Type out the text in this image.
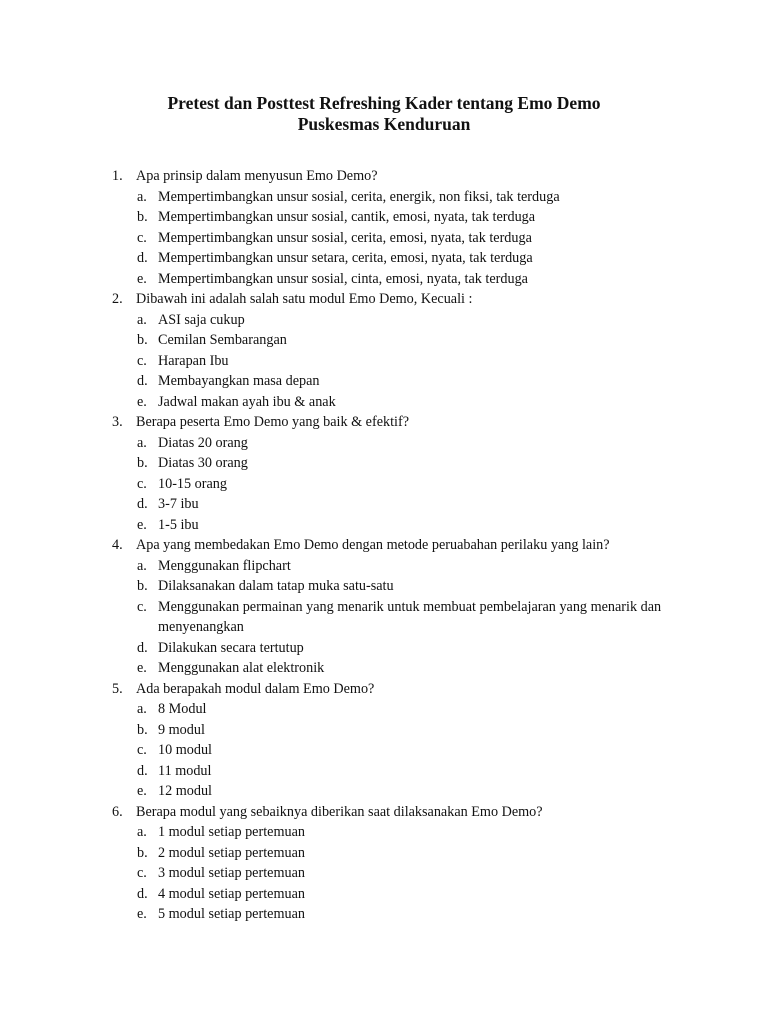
Pretest dan Posttest Refreshing Kader tentang Emo Demo
Puskesmas Kenduruan
1. Apa prinsip dalam menyusun Emo Demo?
a. Mempertimbangkan unsur sosial, cerita, energik, non fiksi, tak terduga
b. Mempertimbangkan unsur sosial, cantik, emosi, nyata, tak terduga
c. Mempertimbangkan unsur sosial, cerita, emosi, nyata, tak terduga
d. Mempertimbangkan unsur setara, cerita, emosi, nyata, tak terduga
e. Mempertimbangkan unsur sosial, cinta, emosi, nyata, tak terduga
2. Dibawah ini adalah salah satu modul Emo Demo, Kecuali :
a. ASI saja cukup
b. Cemilan Sembarangan
c. Harapan Ibu
d. Membayangkan masa depan
e. Jadwal makan ayah ibu & anak
3. Berapa peserta Emo Demo yang baik & efektif?
a. Diatas 20 orang
b. Diatas 30 orang
c. 10-15 orang
d. 3-7 ibu
e. 1-5 ibu
4. Apa yang membedakan Emo Demo dengan metode peruabahan perilaku yang lain?
a. Menggunakan flipchart
b. Dilaksanakan dalam tatap muka satu-satu
c. Menggunakan permainan yang menarik untuk membuat pembelajaran yang menarik dan menyenangkan
d. Dilakukan secara tertutup
e. Menggunakan alat elektronik
5. Ada berapakah modul dalam Emo Demo?
a. 8 Modul
b. 9 modul
c. 10 modul
d. 11 modul
e. 12 modul
6. Berapa modul yang sebaiknya diberikan saat dilaksanakan Emo Demo?
a. 1 modul setiap pertemuan
b. 2 modul setiap pertemuan
c. 3 modul setiap pertemuan
d. 4 modul setiap pertemuan
e. 5 modul setiap pertemuan
